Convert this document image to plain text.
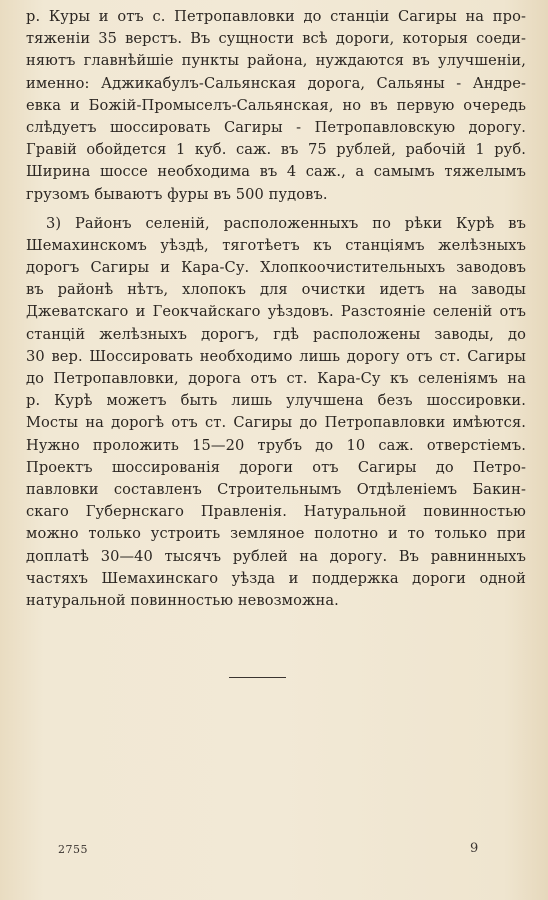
р. Куры и отъ с. Петропавловки до станціи Сагиры на про-
тяженіи 35 верстъ. Въ сущности всѣ дороги, которыя соеди-
няютъ главнѣйшіе пункты района, нуждаются въ улучшеніи,
именно: Аджикабулъ-Сальянская дорога, Сальяны - Андре-
евка и Божій-Промыселъ-Сальянская, но въ первую очередь
слѣдуетъ шоссировать Сагиры - Петропавловскую дорогу.
Гравій обойдется 1 куб. саж. въ 75 рублей, рабочій 1 руб.
Ширина шоссе необходима въ 4 саж., а самымъ тяжелымъ
грузомъ бываютъ фуры въ 500 пудовъ.
3) Районъ селеній, расположенныхъ по рѣки Курѣ въ
Шемахинскомъ уѣздѣ, тяготѣетъ къ станціямъ желѣзныхъ
дорогъ Сагиры и Кара-Су. Хлопкоочистительныхъ заводовъ
въ районѣ нѣтъ, хлопокъ для очистки идетъ на заводы
Джеватскаго и Геокчайскаго уѣздовъ. Разстояніе селеній отъ
станцій желѣзныхъ дорогъ, гдѣ расположены заводы, до
30 вер. Шоссировать необходимо лишь дорогу отъ ст. Сагиры
до Петропавловки, дорога отъ ст. Кара-Су къ селеніямъ на
р. Курѣ можетъ быть лишь улучшена безъ шоссировки.
Мосты на дорогѣ отъ ст. Сагиры до Петропавловки имѣются.
Нужно проложить 15—20 трубъ до 10 саж. отверстіемъ.
Проектъ шоссированія дороги отъ Сагиры до Петро-
павловки составленъ Строительнымъ Отдѣленіемъ Бакин-
скаго Губернскаго Правленія. Натуральной повинностью
можно только устроить земляное полотно и то только при
доплатѣ 30—40 тысячъ рублей на дорогу. Въ равнинныхъ
частяхъ Шемахинскаго уѣзда и поддержка дороги одной
натуральной повинностью невозможна.
2755	9
